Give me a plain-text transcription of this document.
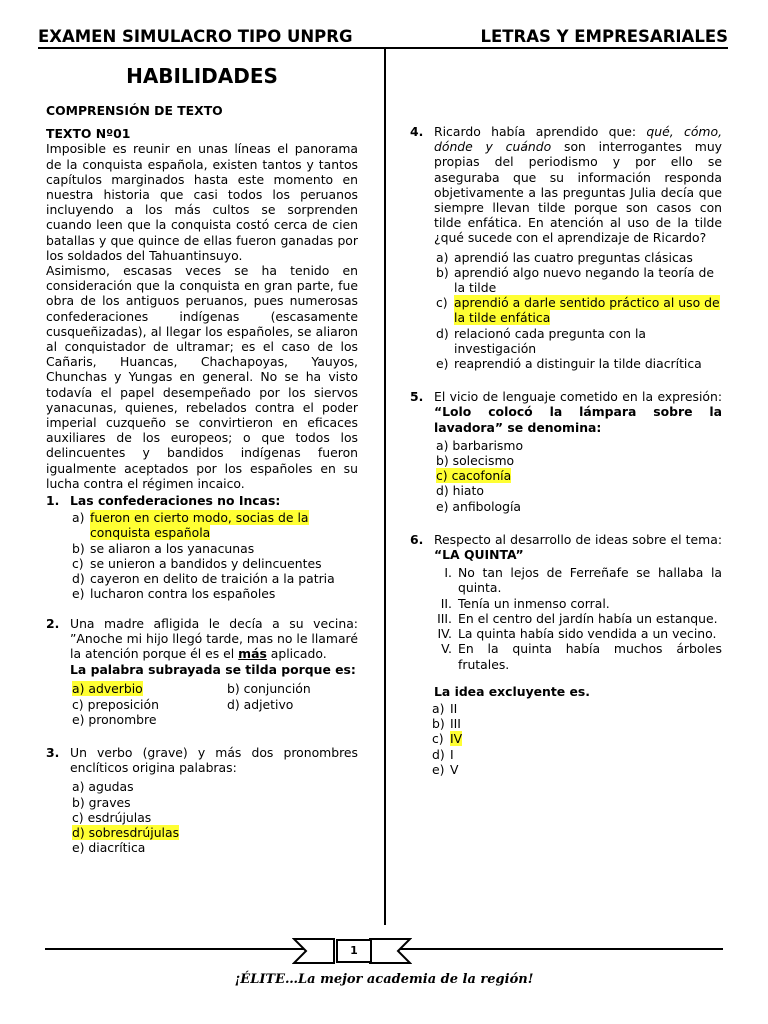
EXAMEN SIMULACRO TIPO UNPRG	LETRAS Y EMPRESARIALES
HABILIDADES
COMPRENSIÓN DE TEXTO
TEXTO Nº01
Imposible es reunir en unas líneas el panorama de la conquista española, existen tantos y tantos capítulos marginados hasta este momento en nuestra historia que casi todos los peruanos incluyendo a los más cultos se sorprenden cuando leen que la conquista costó cerca de cien batallas y que quince de ellas fueron ganadas por los soldados del Tahuantinsuyo.
Asimismo, escasas veces se ha tenido en consideración que la conquista en gran parte, fue obra de los antiguos peruanos, pues numerosas confederaciones indígenas (escasamente cusqueñizadas), al llegar los españoles, se aliaron al conquistador de ultramar; es el caso de los Cañaris, Huancas, Chachapoyas, Yauyos, Chunchas y Yungas en general. No se ha visto todavía el papel desempeñado por los siervos yanacunas, quienes, rebelados contra el poder imperial cuzqueño se convirtieron en eficaces auxiliares de los europeos; o que todos los delincuentes y bandidos indígenas fueron igualmente aceptados por los españoles en su lucha contra el régimen incaico.
1. Las confederaciones no Incas:
a) fueron en cierto modo, socias de la conquista española
b) se aliaron a los yanacunas
c) se unieron a bandidos y delincuentes
d) cayeron en delito de traición a la patria
e) lucharon contra los españoles
2. Una madre afligida le decía a su vecina: ”Anoche mi hijo llegó tarde, mas no le llamaré la atención porque él es el más aplicado.
La palabra subrayada se tilda porque es:
a) adverbio	b) conjunción
c) preposición	d) adjetivo
e) pronombre
3. Un verbo (grave) y más dos pronombres enclíticos origina palabras:
a) agudas
b) graves
c) esdrújulas
d) sobresdrújulas
e) diacrítica
4. Ricardo había aprendido que: qué, cómo, dónde y cuándo son interrogantes muy propias del periodismo y por ello se aseguraba que su información responda objetivamente a las preguntas Julia decía que siempre llevan tilde porque son casos con tilde enfática. En atención al uso de la tilde ¿qué sucede con el aprendizaje de Ricardo?
a) aprendió las cuatro preguntas clásicas
b) aprendió algo nuevo negando la teoría de la tilde
c) aprendió a darle sentido práctico al uso de la tilde enfática
d) relacionó cada pregunta con la investigación
e) reaprendió a distinguir la tilde diacrítica
5. El vicio de lenguaje cometido en la expresión: “Lolo colocó la lámpara sobre la lavadora” se denomina:
a) barbarismo
b) solecismo
c) cacofonía
d) hiato
e) anfibología
6. Respecto al desarrollo de ideas sobre el tema: “LA QUINTA”
I. No tan lejos de Ferreñafe se hallaba la quinta.
II. Tenía un inmenso corral.
III. En el centro del jardín había un estanque.
IV. La quinta había sido vendida a un vecino.
V. En la quinta había muchos árboles frutales.
La idea excluyente es.
a) II
b) III
c) IV
d) I
e) V
1
¡ÉLITE…La mejor academia de la región!
